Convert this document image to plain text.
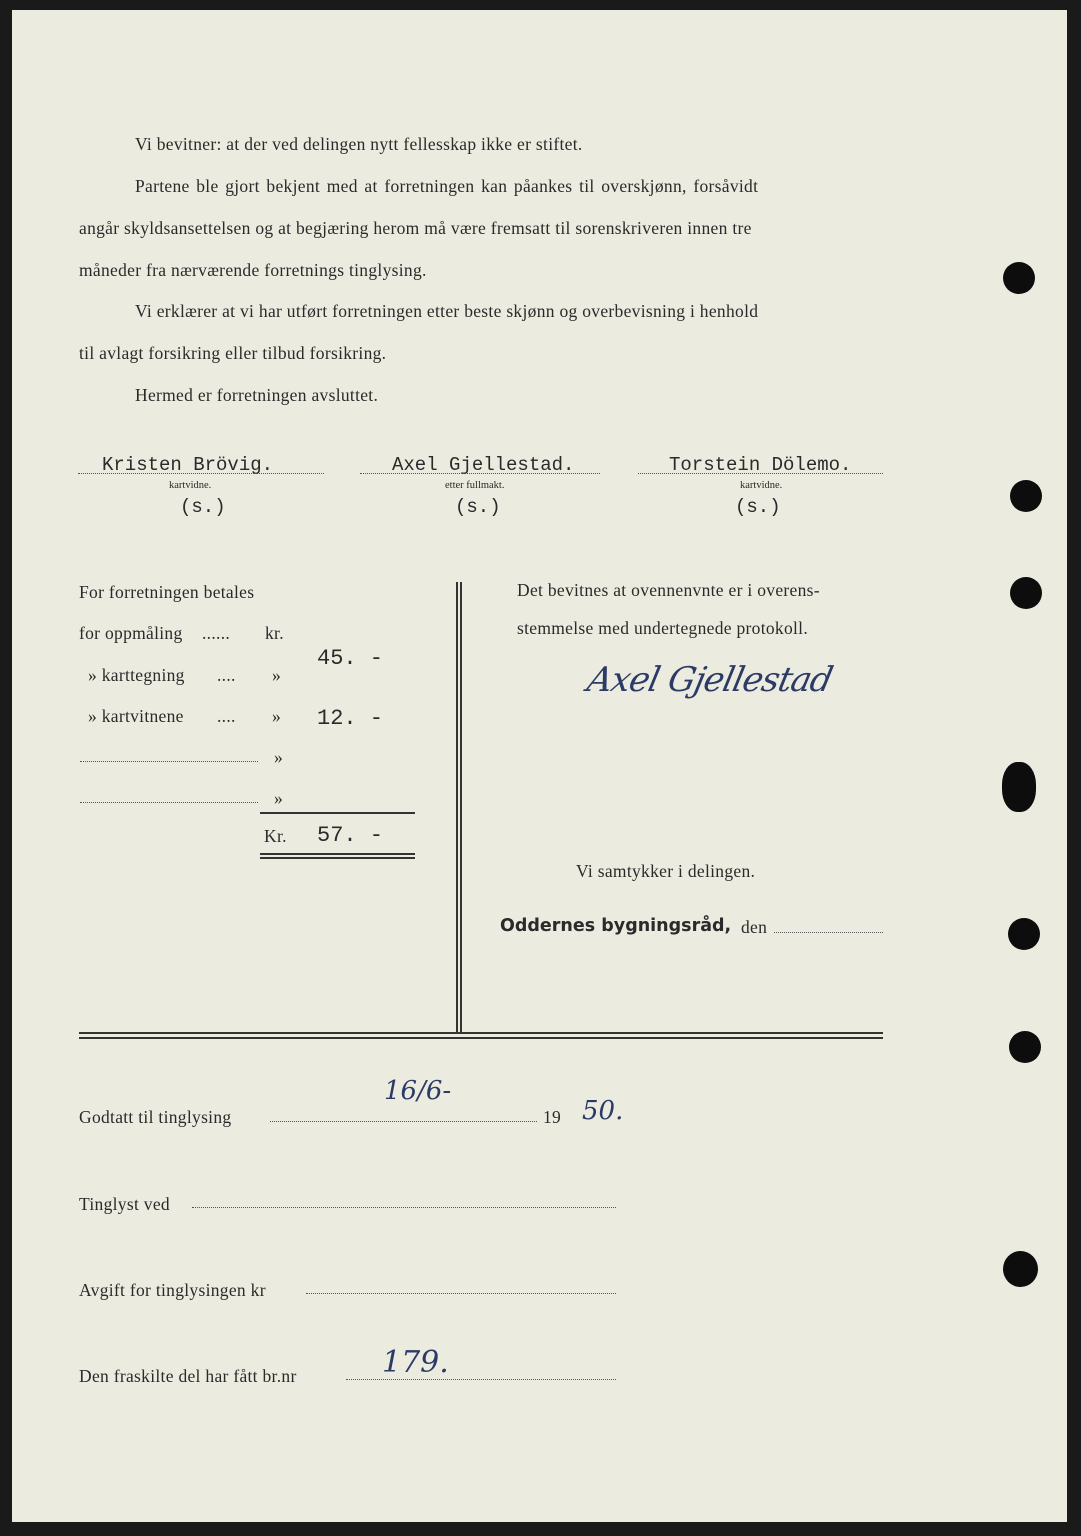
Vi bevitner: at der ved delingen nytt fellesskap ikke er stiftet.
Partene ble gjort bekjent med at forretningen kan påankes til overskjønn, forsåvidt
angår skyldsansettelsen og at begjæring herom må være fremsatt til sorenskriveren innen tre
måneder fra nærværende forretnings tinglysing.
Vi erklærer at vi har utført forretningen etter beste skjønn og overbevisning i henhold
til avlagt forsikring eller tilbud forsikring.
Hermed er forretningen avsluttet.
Kristen Brövig.
kartvidne.
(s.)
Axel Gjellestad.
etter fullmakt.
(s.)
Torstein Dölemo.
kartvidne.
(s.)
For forretningen betales
for oppmåling ...... kr.
» karttegning .... »
45. -
» kartvitnene .... » 12. -
»
»
Kr. 57. -
Det bevitnes at ovennenvnte er i overens-
stemmelse med undertegnede protokoll.
Axel Gjellestad
Vi samtykker i delingen.
Oddernes bygningsråd, den
Godtatt til tinglysing
16/6-
19 50.
Tinglyst ved
Avgift for tinglysingen kr
Den fraskilte del har fått br.nr	179.
